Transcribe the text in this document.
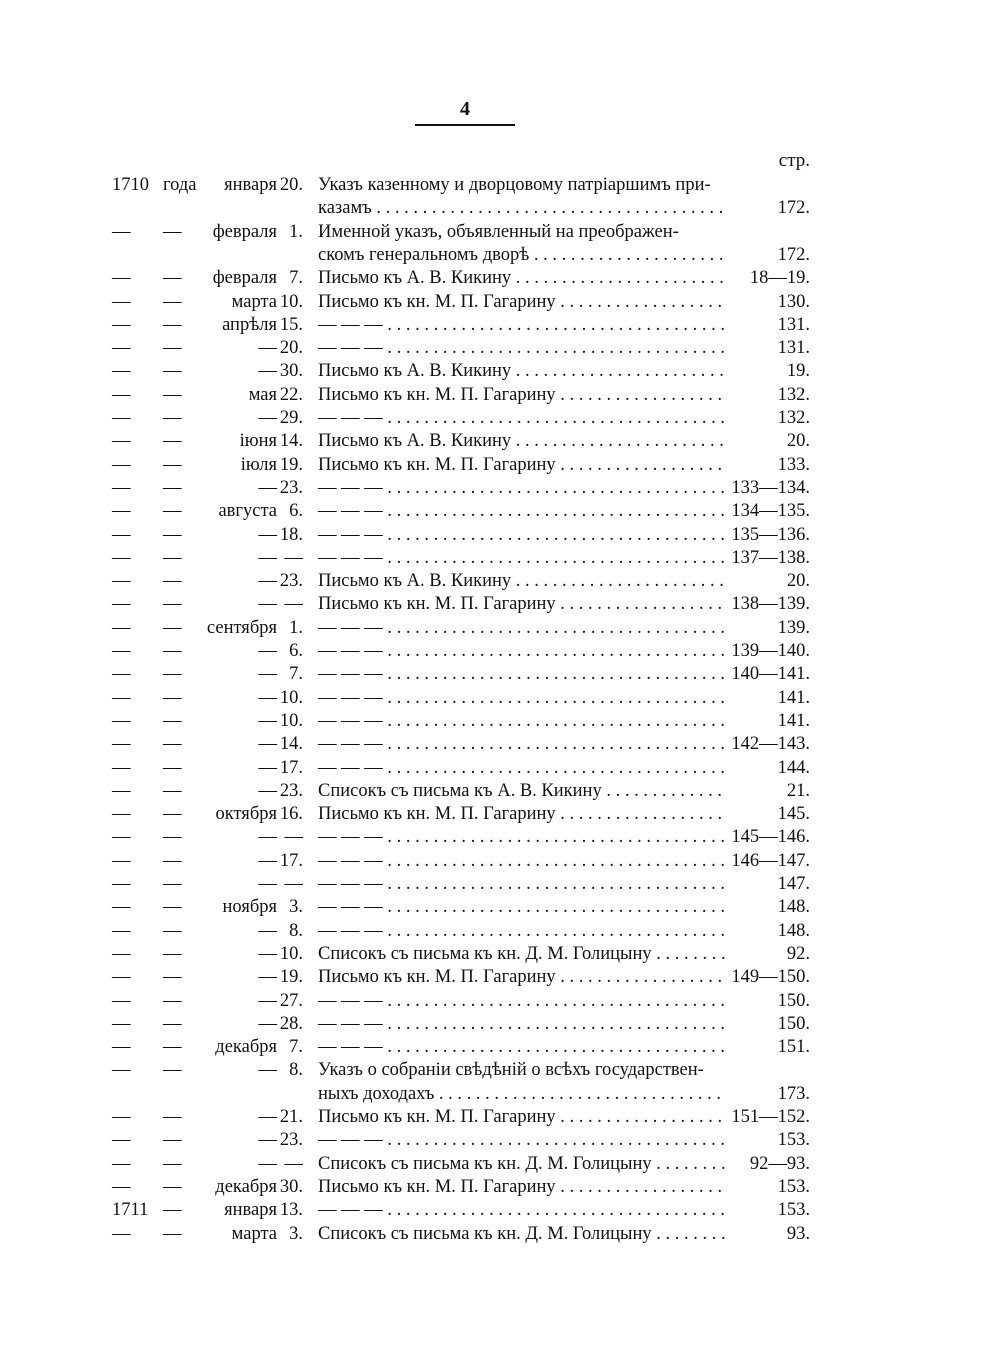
4
стр.
1710 года января 20. Указъ казенному и дворцовому патріаршимъ при-
казамъ . . .	172.
— — февраля 1. Именной указъ, объявленный на преображен-
скомъ генеральномъ дворѣ . . .	172.
— — февраля 7. Письмо къ А. В. Кикину . . .	18—19.
— —	марта 10. Письмо къ кн. М. П. Гагарину . . .	130.
— — апрѣля 15. — — — . . .	131.
— —	— 20. — — — . . .	131.
— —	— 30. Письмо къ А. В. Кикину . . .	19.
— —	мая 22. Письмо къ кн. М. П. Гагарину . . .	132.
— —	— 29. — — — . . .	132.
— —	іюня 14. Письмо къ А. В. Кикину . . .	20.
— —	іюля 19. Письмо къ кн. М. П. Гагарину . . .	133.
— —	— 23. — — — . . .	133—134.
— — августа 6. — — — . . .	134—135.
— —	— 18. — — — . . .	135—136.
— —	— — — — — . . .	137—138.
— —	— 23. Письмо къ А. В. Кикину . . .	20.
— —	— — Письмо къ кн. М. П. Гагарину . . .	138—139.
— — сентября 1. — — — . . .	139.
— —	— 6. — — — . . .	139—140.
— —	— 7. — — — . . .	140—141.
— —	— 10. — — — . . .	141.
— —	— 10. — — — . . .	141.
— —	— 14. — — — . . .	142—143.
— —	— 17. — — — . . .	144.
— —	— 23. Списокъ съ письма къ А. В. Кикину . . .	21.
— — октября 16. Письмо къ кн. М. П. Гагарину . . .	145.
— —	— — — — — . . .	145—146.
— —	— 17. — — — . . .	146—147.
— —	— — — — — . . .	147.
— — ноября 3. — — — . . .	148.
— —	— 8. — — — . . .	148.
— —	— 10. Списокъ съ письма къ кн. Д. М. Голицыну . . .	92.
— —	— 19. Письмо къ кн. М. П. Гагарину . . .	149—150.
— —	— 27. — — — . . .	150.
— —	— 28. — — — . . .	150.
— — декабря 7. — — — . . .	151.
— —	— 8. Указъ о собраніи свѣдѣній о всѣхъ государствен-
ныхъ доходахъ . . .	173.
— —	— 21. Письмо къ кн. М. П. Гагарину . . .	151—152.
— —	— 23. — — — . . .	153.
— —	— — Списокъ съ письма къ кн. Д. М. Голицыну . . .	92—93.
— — декабря 30. Письмо къ кн. М. П. Гагарину . . .	153.
1711 — января 13. — — — . . .	153.
— —	марта 3. Списокъ съ письма къ кн. Д. М. Голицыну . . .	93.
